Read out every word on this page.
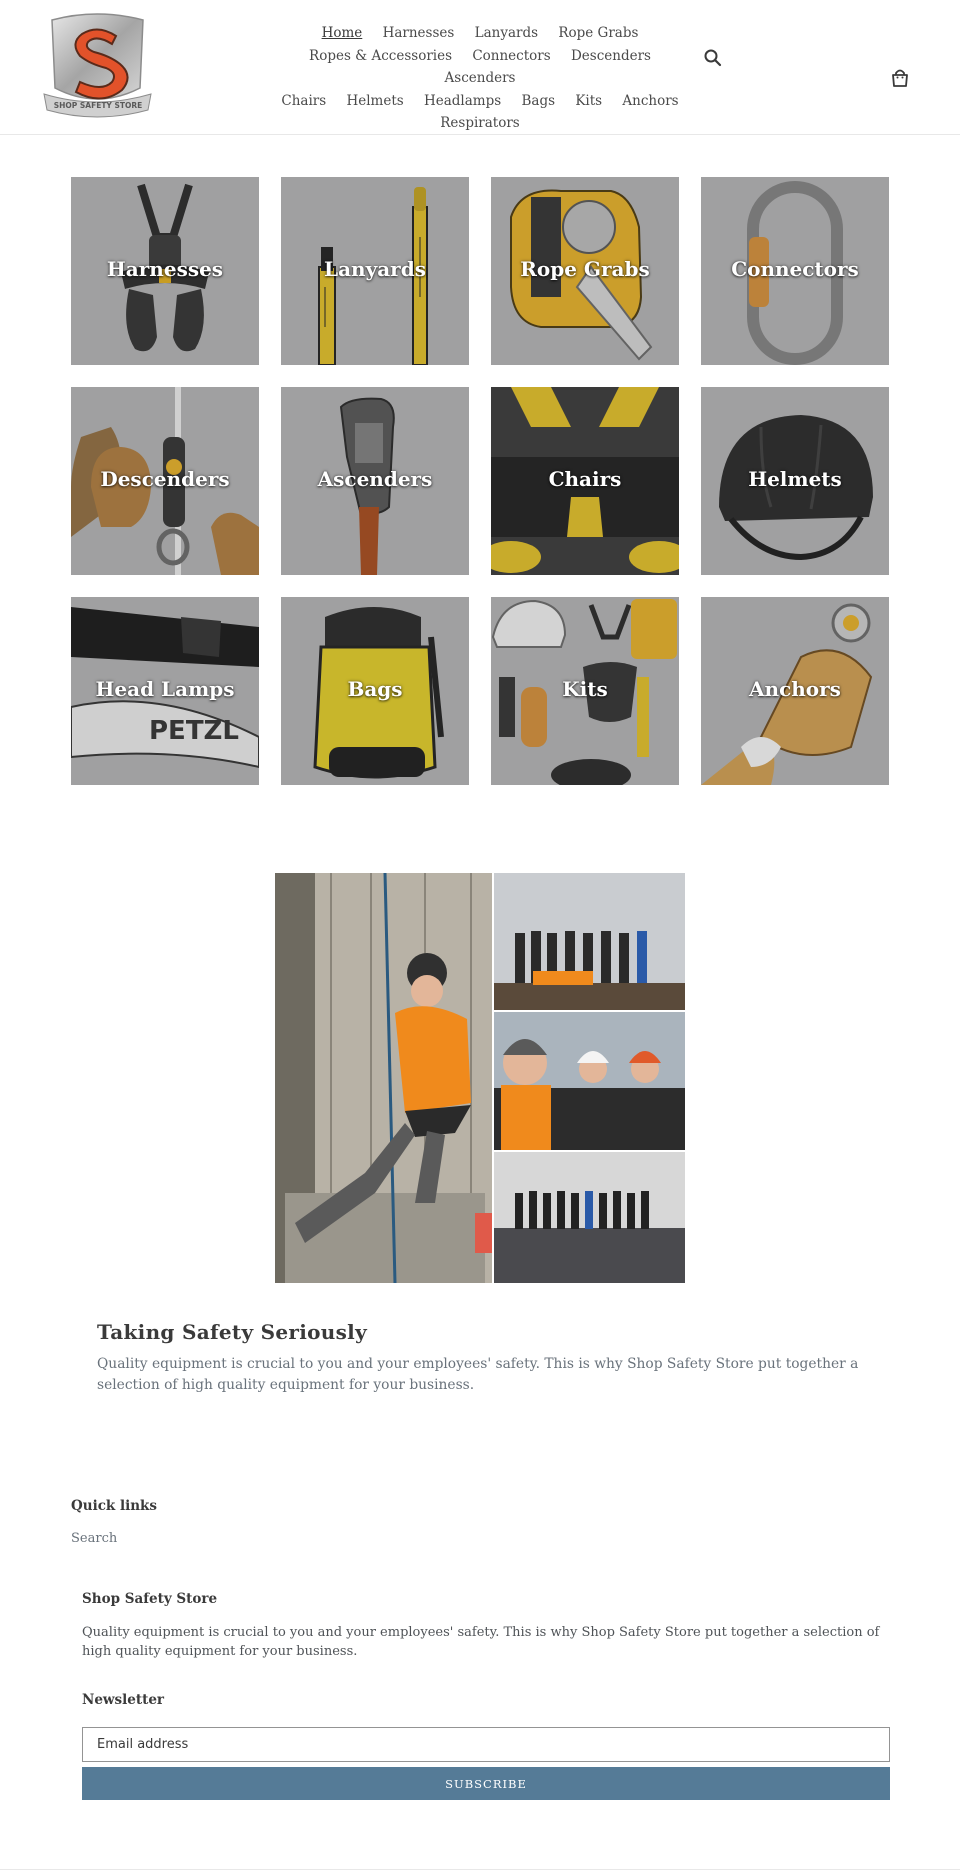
SHOP SAFETY STORE
Home Harnesses Lanyards Rope Grabs
Ropes & Accessories Connectors Descenders Ascenders
Chairs Helmets Headlamps Bags Kits Anchors
Respirators
Harnesses	Lanyards	Rope Grabs	Connectors
Descenders	Ascenders	Chairs	Helmets
PETZL
Head Lamps	Bags	Kits	Anchors
Taking Safety Seriously

Quality equipment is crucial to you and your employees' safety. This is why Shop Safety Store put together a selection of high quality equipment for your business.

Quick links
Search
Shop Safety Store

Quality equipment is crucial to you and your employees' safety. This is why Shop Safety Store put together a selection of high quality equipment for your business.

Newsletter
Email address
SUBSCRIBE
